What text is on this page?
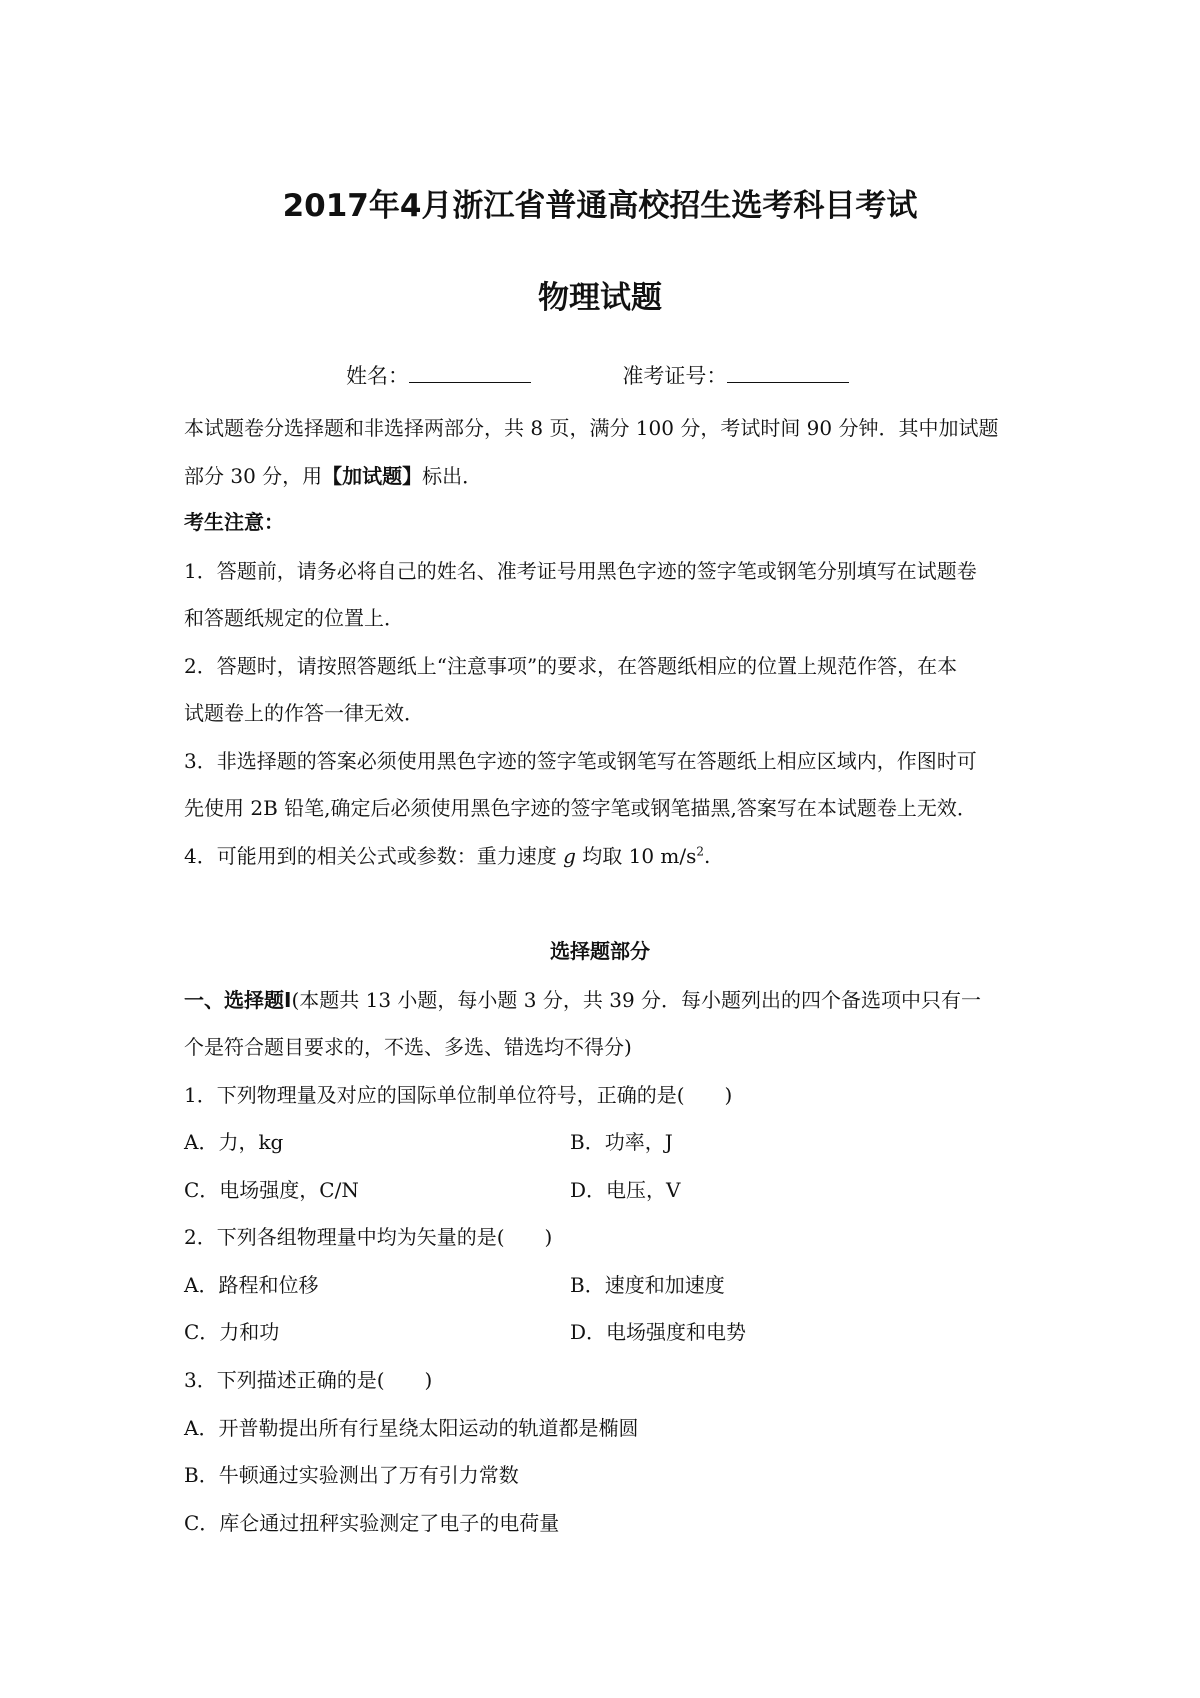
2017年4月浙江省普通高校招生选考科目考试
物理试题
姓名：	准考证号：
本试题卷分选择题和非选择两部分，共 8 页，满分 100 分，考试时间 90 分钟．其中加试题
部分 30 分，用【加试题】标出．
考生注意：
1．答题前，请务必将自己的姓名、准考证号用黑色字迹的签字笔或钢笔分别填写在试题卷
和答题纸规定的位置上．
2．答题时，请按照答题纸上“注意事项”的要求，在答题纸相应的位置上规范作答，在本
试题卷上的作答一律无效．
3．非选择题的答案必须使用黑色字迹的签字笔或钢笔写在答题纸上相应区域内，作图时可
先使用 2B 铅笔,确定后必须使用黑色字迹的签字笔或钢笔描黑,答案写在本试题卷上无效．
4．可能用到的相关公式或参数：重力速度 g 均取 10 $m/s^2$.
选择题部分
一、选择题Ⅰ(本题共 13 小题，每小题 3 分，共 39 分．每小题列出的四个备选项中只有一
个是符合题目要求的，不选、多选、错选均不得分)
1．下列物理量及对应的国际单位制单位符号，正确的是(　　)
A．力，kg	B．功率，J
C．电场强度，C/N	D．电压，V
2．下列各组物理量中均为矢量的是(　　)
A．路程和位移	B．速度和加速度
C．力和功	D．电场强度和电势
3．下列描述正确的是(　　)
A．开普勒提出所有行星绕太阳运动的轨道都是椭圆
B．牛顿通过实验测出了万有引力常数
C．库仑通过扭秤实验测定了电子的电荷量
